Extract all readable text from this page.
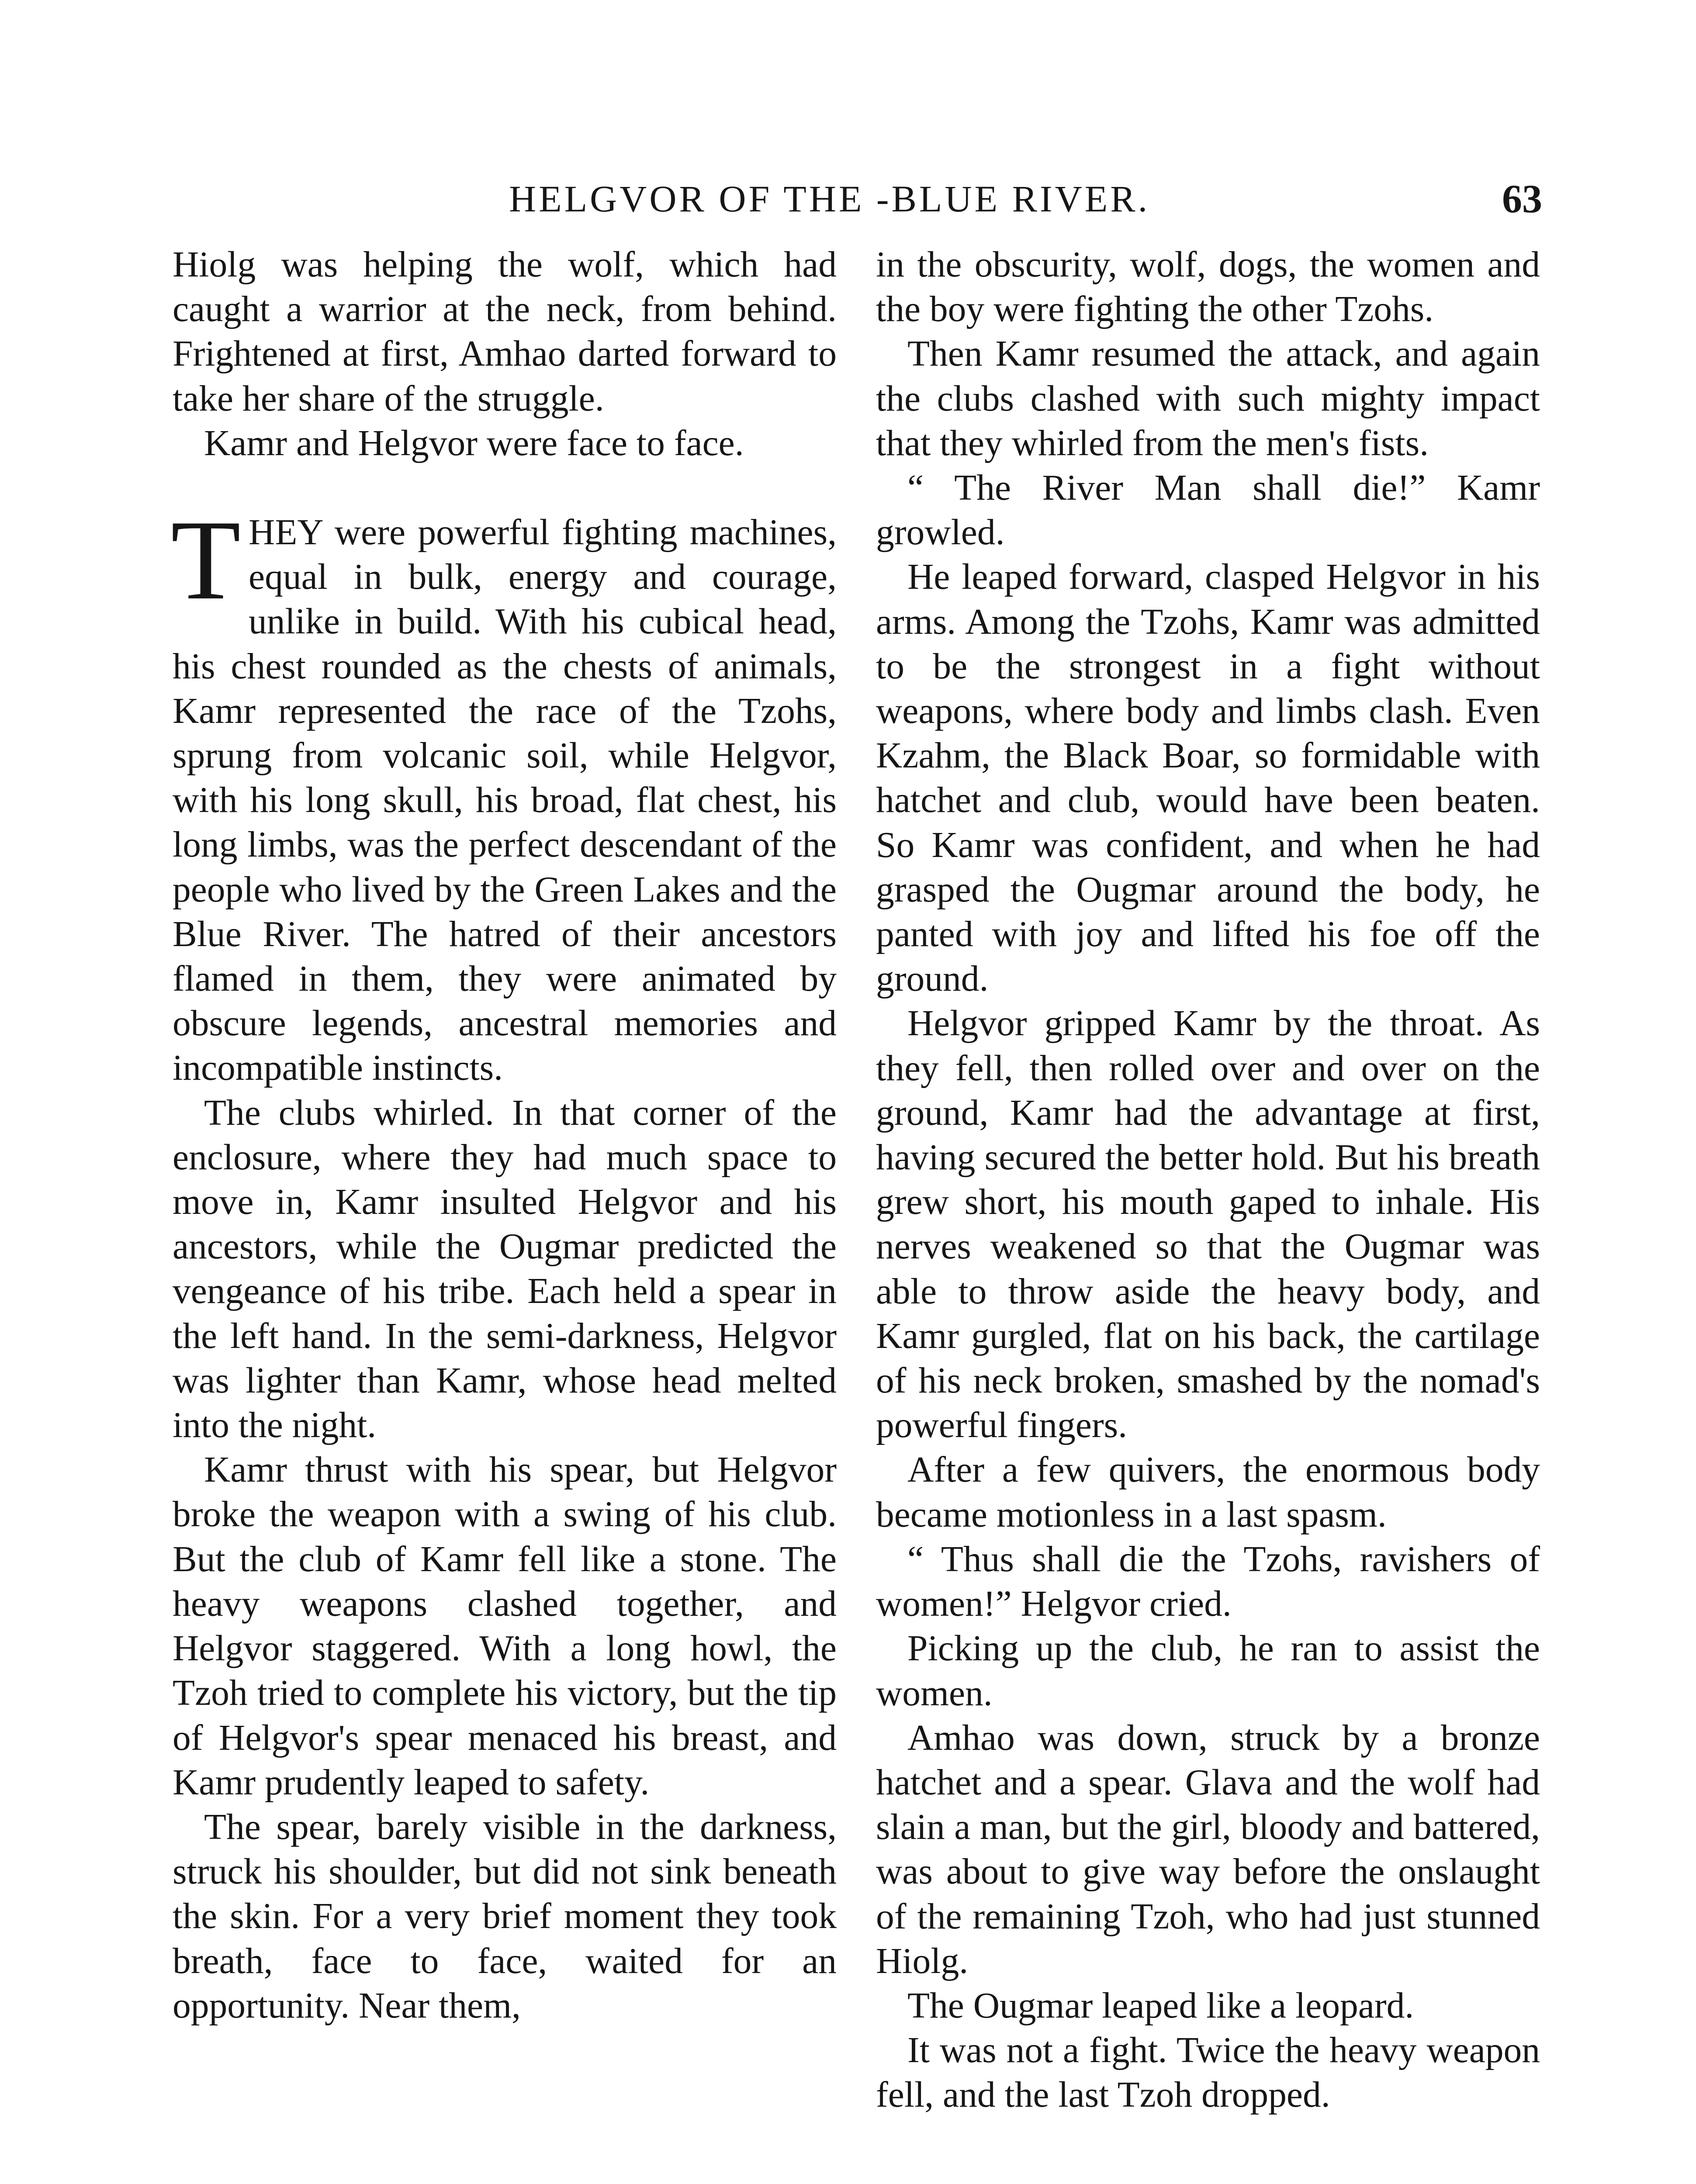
HELGVOR OF THE -BLUE RIVER.	63

Hiolg was helping the wolf, which had caught a warrior at the neck, from behind. Frightened at first, Amhao darted forward to take her share of the struggle.

Kamr and Helgvor were face to face.

T HEY were powerful fighting machines, equal in bulk, energy and courage, unlike in build. With his cubical head, his chest rounded as the chests of animals, Kamr represented the race of the Tzohs, sprung from volcanic soil, while Helgvor, with his long skull, his broad, flat chest, his long limbs, was the perfect descendant of the people who lived by the Green Lakes and the Blue River. The hatred of their ancestors flamed in them, they were animated by obscure legends, ancestral memories and incompatible instincts.

The clubs whirled. In that corner of the enclosure, where they had much space to move in, Kamr insulted Helgvor and his ancestors, while the Ougmar predicted the vengeance of his tribe. Each held a spear in the left hand. In the semi-darkness, Helgvor was lighter than Kamr, whose head melted into the night.

Kamr thrust with his spear, but Helgvor broke the weapon with a swing of his club. But the club of Kamr fell like a stone. The heavy weapons clashed together, and Helgvor staggered. With a long howl, the Tzoh tried to complete his victory, but the tip of Helgvor's spear menaced his breast, and Kamr prudently leaped to safety.

The spear, barely visible in the darkness, struck his shoulder, but did not sink beneath the skin. For a very brief moment they took breath, face to face, waited for an opportunity. Near them,

in the obscurity, wolf, dogs, the women and the boy were fighting the other Tzohs.

Then Kamr resumed the attack, and again the clubs clashed with such mighty impact that they whirled from the men's fists.

“ The River Man shall die!” Kamr growled.

He leaped forward, clasped Helgvor in his arms. Among the Tzohs, Kamr was admitted to be the strongest in a fight without weapons, where body and limbs clash. Even Kzahm, the Black Boar, so formidable with hatchet and club, would have been beaten. So Kamr was confident, and when he had grasped the Ougmar around the body, he panted with joy and lifted his foe off the ground.

Helgvor gripped Kamr by the throat. As they fell, then rolled over and over on the ground, Kamr had the advantage at first, having secured the better hold. But his breath grew short, his mouth gaped to inhale. His nerves weakened so that the Ougmar was able to throw aside the heavy body, and Kamr gurgled, flat on his back, the cartilage of his neck broken, smashed by the nomad's powerful fingers.

After a few quivers, the enormous body became motionless in a last spasm.

“ Thus shall die the Tzohs, ravishers of women!” Helgvor cried.

Picking up the club, he ran to assist the women.

Amhao was down, struck by a bronze hatchet and a spear. Glava and the wolf had slain a man, but the girl, bloody and battered, was about to give way before the onslaught of the remaining Tzoh, who had just stunned Hiolg.

The Ougmar leaped like a leopard.

It was not a fight. Twice the heavy weapon fell, and the last Tzoh dropped.
